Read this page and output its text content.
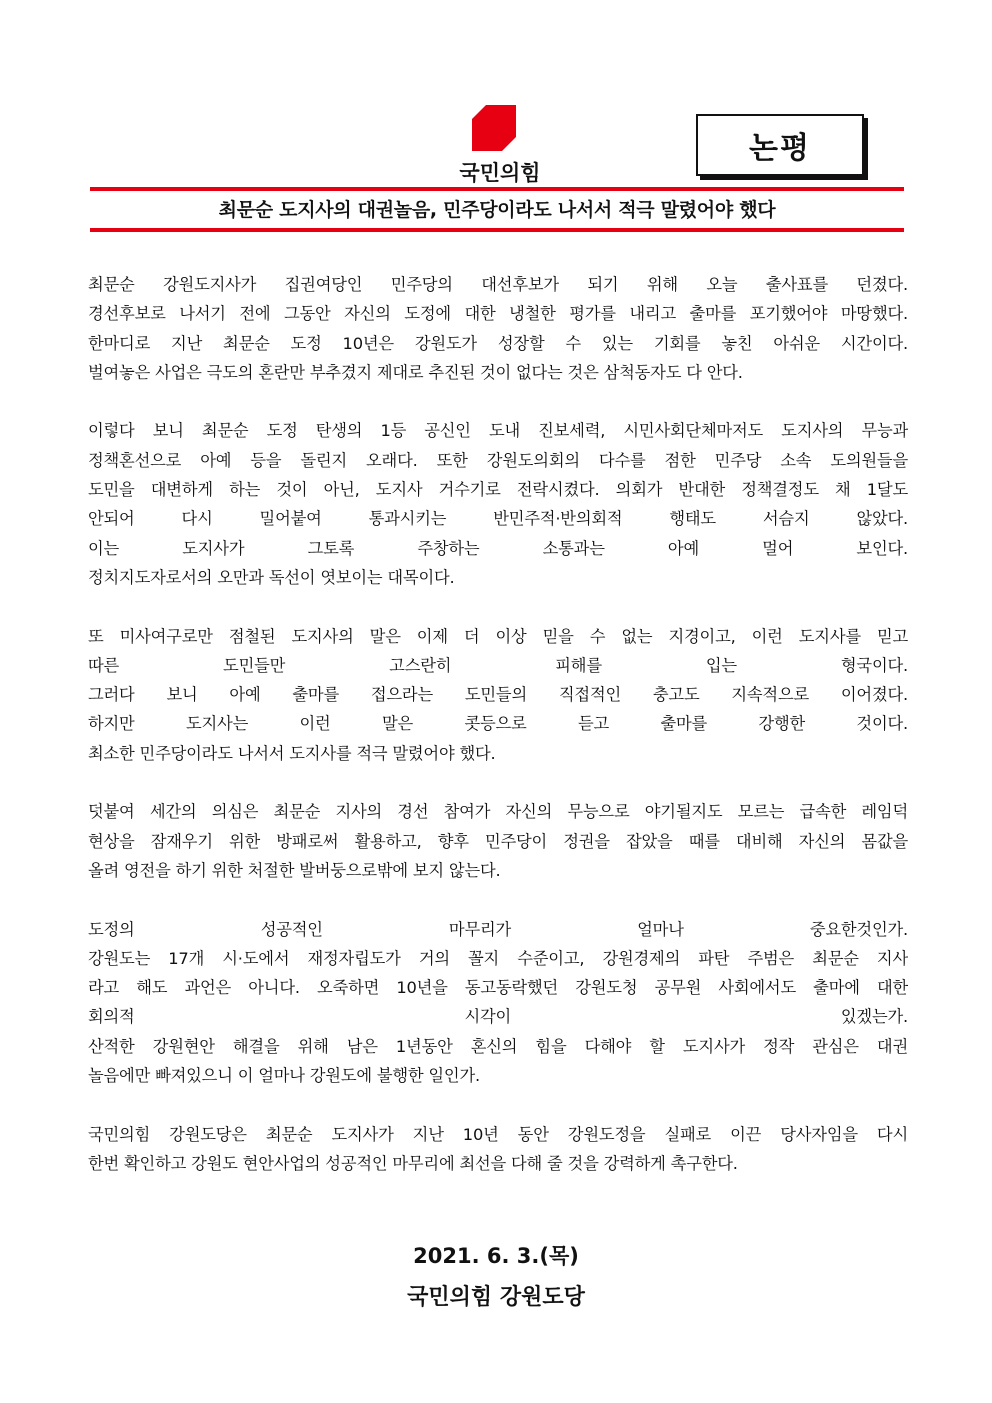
국민의힘
논평
최문순 도지사의 대권놀음, 민주당이라도 나서서 적극 말렸어야 했다
최문순 강원도지사가 집권여당인 민주당의 대선후보가 되기 위해 오늘 출사표를 던졌다.
경선후보로 나서기 전에 그동안 자신의 도정에 대한 냉철한 평가를 내리고 출마를 포기했어야 마땅했다.
한마디로 지난 최문순 도정 10년은 강원도가 성장할 수 있는 기회를 놓친 아쉬운 시간이다.
벌여놓은 사업은 극도의 혼란만 부추겼지 제대로 추진된 것이 없다는 것은 삼척동자도 다 안다.
이렇다 보니 최문순 도정 탄생의 1등 공신인 도내 진보세력, 시민사회단체마저도 도지사의 무능과
정책혼선으로 아예 등을 돌린지 오래다. 또한 강원도의회의 다수를 점한 민주당 소속 도의원들을
도민을 대변하게 하는 것이 아닌, 도지사 거수기로 전락시켰다. 의회가 반대한 정책결정도 채 1달도
안되어 다시 밀어붙여 통과시키는 반민주적·반의회적 행태도 서슴지 않았다.
이는 도지사가 그토록 주창하는 소통과는 아예 멀어 보인다.
정치지도자로서의 오만과 독선이 엿보이는 대목이다.
또 미사여구로만 점철된 도지사의 말은 이제 더 이상 믿을 수 없는 지경이고, 이런 도지사를 믿고
따른 도민들만 고스란히 피해를 입는 형국이다.
그러다 보니 아예 출마를 접으라는 도민들의 직접적인 충고도 지속적으로 이어졌다.
하지만 도지사는 이런 말은 콧등으로 듣고 출마를 강행한 것이다.
최소한 민주당이라도 나서서 도지사를 적극 말렸어야 했다.
덧붙여 세간의 의심은 최문순 지사의 경선 참여가 자신의 무능으로 야기될지도 모르는 급속한 레임덕
현상을 잠재우기 위한 방패로써 활용하고, 향후 민주당이 정권을 잡았을 때를 대비해 자신의 몸값을
올려 영전을 하기 위한 처절한 발버둥으로밖에 보지 않는다.
도정의 성공적인 마무리가 얼마나 중요한것인가.
강원도는 17개 시·도에서 재정자립도가 거의 꼴지 수준이고, 강원경제의 파탄 주범은 최문순 지사
라고 해도 과언은 아니다. 오죽하면 10년을 동고동락했던 강원도청 공무원 사회에서도 출마에 대한
회의적 시각이 있겠는가.
산적한 강원현안 해결을 위해 남은 1년동안 혼신의 힘을 다해야 할 도지사가 정작 관심은 대권
놀음에만 빠져있으니 이 얼마나 강원도에 불행한 일인가.
국민의힘 강원도당은 최문순 도지사가 지난 10년 동안 강원도정을 실패로 이끈 당사자임을 다시
한번 확인하고 강원도 현안사업의 성공적인 마무리에 최선을 다해 줄 것을 강력하게 촉구한다.
2021. 6. 3.(목)
국민의힘 강원도당
